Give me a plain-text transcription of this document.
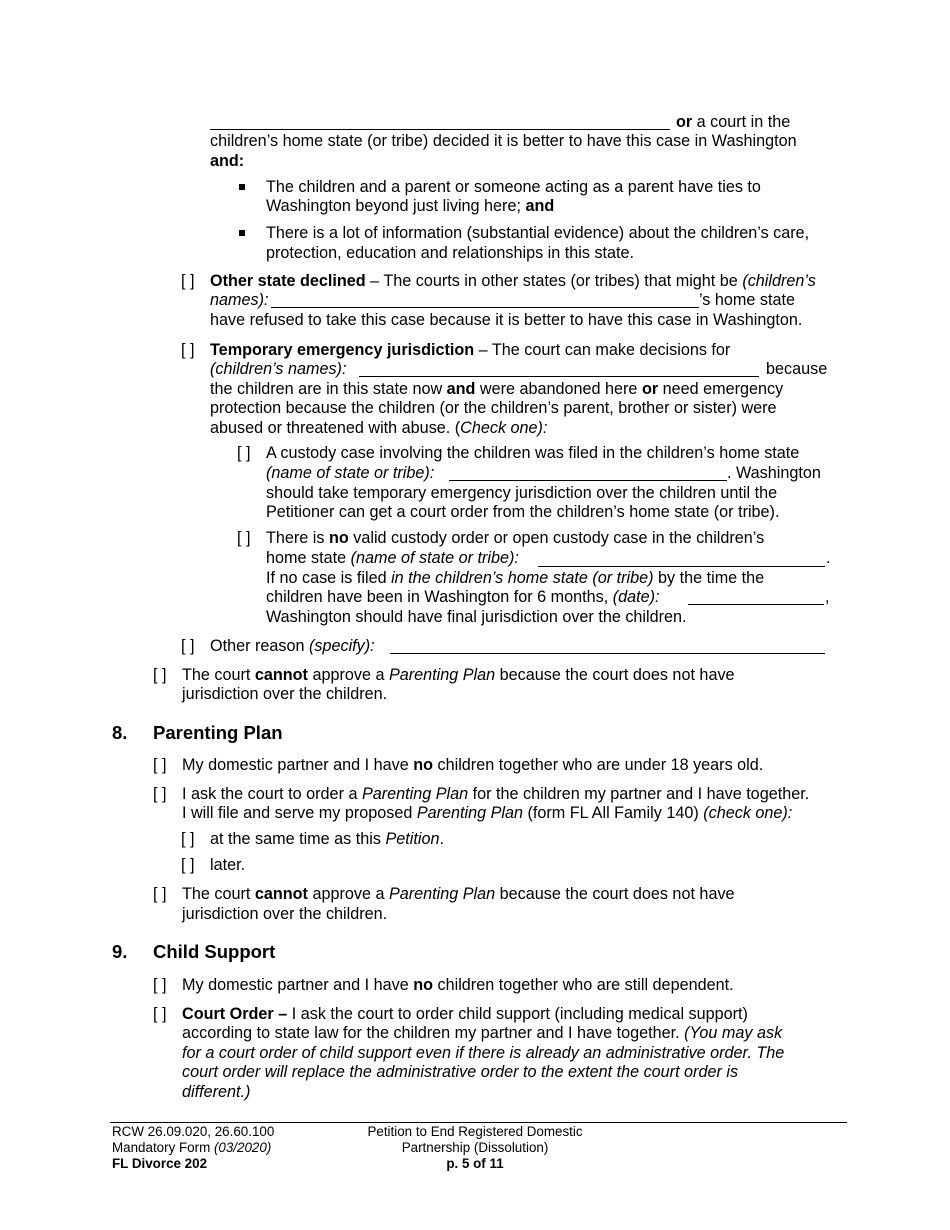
or a court in the
children’s home state (or tribe) decided it is better to have this case in Washington
and:
The children and a parent or someone acting as a parent have ties to
Washington beyond just living here; and
There is a lot of information (substantial evidence) about the children’s care,
protection, education and relationships in this state.
[ ] Other state declined – The courts in other states (or tribes) that might be (children’s
names):	’s home state
have refused to take this case because it is better to have this case in Washington.
[ ] Temporary emergency jurisdiction – The court can make decisions for
(children’s names):	because
the children are in this state now and were abandoned here or need emergency
protection because the children (or the children’s parent, brother or sister) were
abused or threatened with abuse. (Check one):
[ ] A custody case involving the children was filed in the children’s home state
(name of state or tribe):	. Washington
should take temporary emergency jurisdiction over the children until the
Petitioner can get a court order from the children’s home state (or tribe).
[ ] There is no valid custody order or open custody case in the children’s
home state (name of state or tribe):	.
If no case is filed in the children’s home state (or tribe) by the time the
children have been in Washington for 6 months, (date):	,
Washington should have final jurisdiction over the children.
[ ] Other reason (specify):
[ ] The court cannot approve a Parenting Plan because the court does not have
jurisdiction over the children.
8. Parenting Plan
[ ] My domestic partner and I have no children together who are under 18 years old.
[ ] I ask the court to order a Parenting Plan for the children my partner and I have together.
I will file and serve my proposed Parenting Plan (form FL All Family 140) (check one):
[ ] at the same time as this Petition.
[ ] later.
[ ] The court cannot approve a Parenting Plan because the court does not have
jurisdiction over the children.
9. Child Support
[ ] My domestic partner and I have no children together who are still dependent.
[ ] Court Order – I ask the court to order child support (including medical support)
according to state law for the children my partner and I have together. (You may ask
for a court order of child support even if there is already an administrative order. The
court order will replace the administrative order to the extent the court order is
different.)
RCW 26.09.020, 26.60.100
Mandatory Form (03/2020)
FL Divorce 202
Petition to End Registered Domestic
Partnership (Dissolution)
p. 5 of 11
